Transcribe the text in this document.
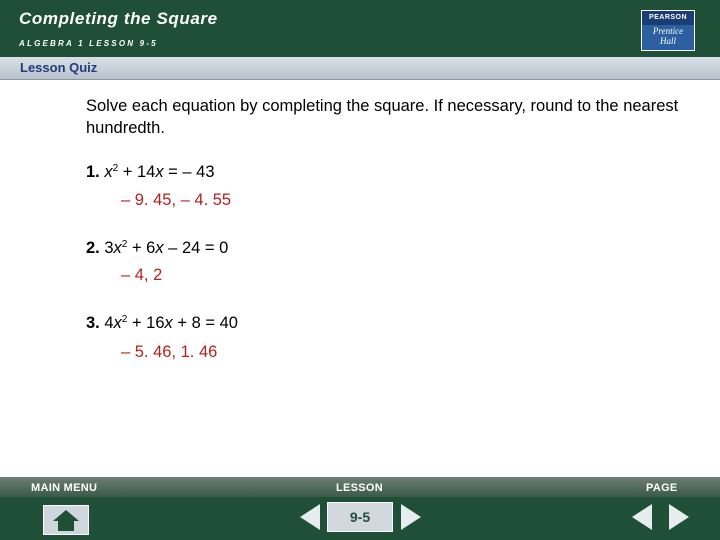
Completing the Square
ALGEBRA 1 LESSON 9-5
PEARSON
Prentice
Hall
Lesson Quiz
Solve each equation by completing the square. If necessary, round to the nearest hundredth.
1. $x^2 + 14x$ = – 43
– 9. 45, – 4. 55
2. $3x^2 + 6x - 24 = 0$
– 4, 2
3. $4x^2 + 16x + 8 = 40$
– 5. 46, 1. 46
MAIN MENU	LESSON	PAGE
9-5
